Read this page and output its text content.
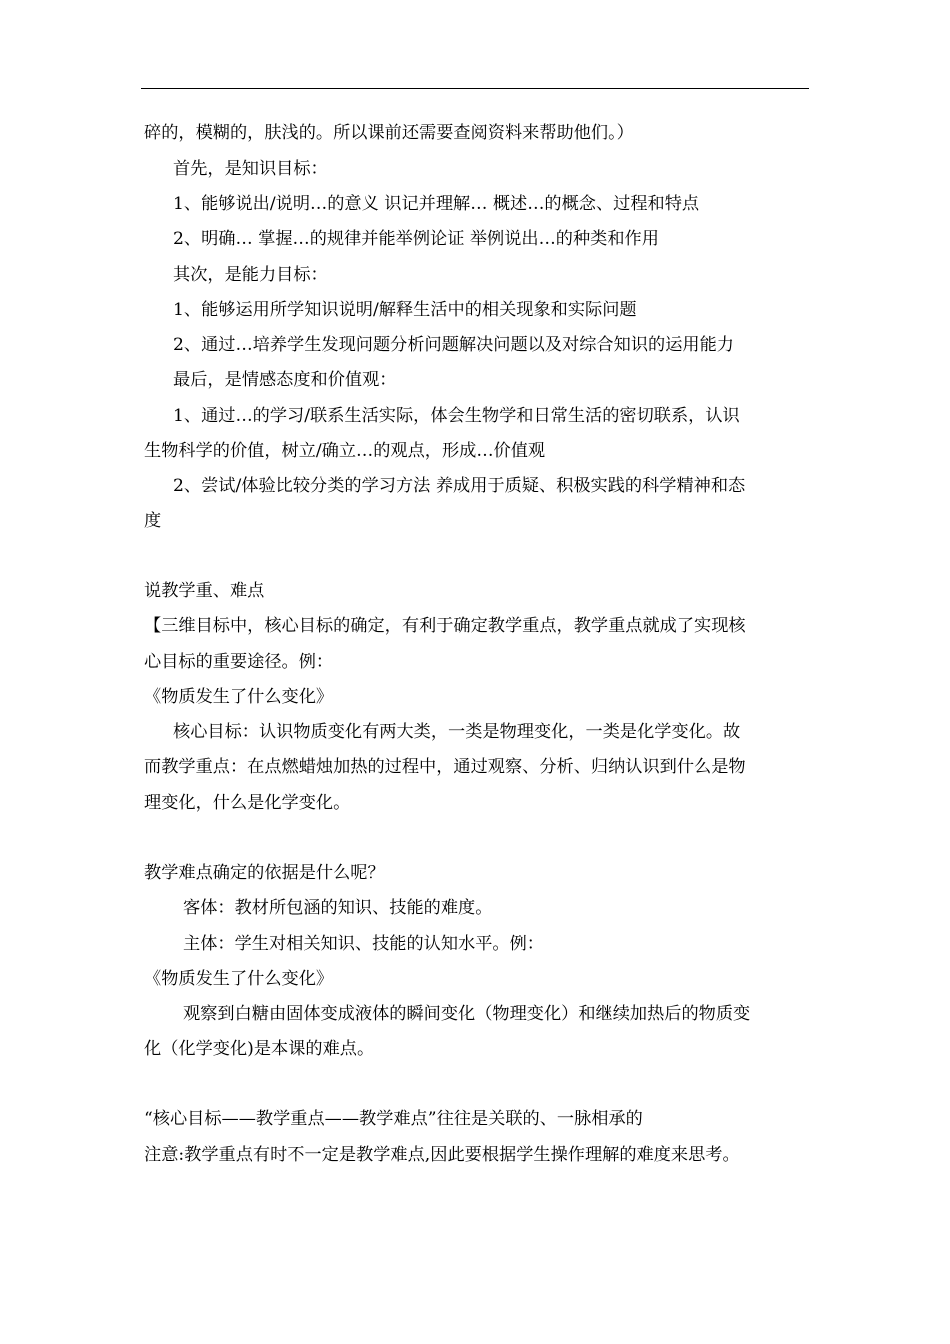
碎的，模糊的，肤浅的。所以课前还需要查阅资料来帮助他们。）
首先，是知识目标：
1、能够说出/说明…的意义 识记并理解… 概述…的概念、过程和特点
2、明确… 掌握…的规律并能举例论证 举例说出…的种类和作用
其次，是能力目标：
1、能够运用所学知识说明/解释生活中的相关现象和实际问题
2、通过…培养学生发现问题分析问题解决问题以及对综合知识的运用能力
最后，是情感态度和价值观：
1、通过…的学习/联系生活实际，体会生物学和日常生活的密切联系，认识
生物科学的价值，树立/确立…的观点，形成…价值观
2、尝试/体验比较分类的学习方法 养成用于质疑、积极实践的科学精神和态
度
说教学重、难点
【三维目标中，核心目标的确定，有利于确定教学重点，教学重点就成了实现核
心目标的重要途径。例：
《物质发生了什么变化》
核心目标：认识物质变化有两大类，一类是物理变化，一类是化学变化。故
而教学重点：在点燃蜡烛加热的过程中，通过观察、分析、归纳认识到什么是物
理变化，什么是化学变化。
教学难点确定的依据是什么呢？
客体：教材所包涵的知识、技能的难度。
主体：学生对相关知识、技能的认知水平。例：
《物质发生了什么变化》
观察到白糖由固体变成液体的瞬间变化（物理变化）和继续加热后的物质变
化（化学变化)是本课的难点。
“核心目标——教学重点——教学难点”往往是关联的、一脉相承的
注意:教学重点有时不一定是教学难点,因此要根据学生操作理解的难度来思考。
